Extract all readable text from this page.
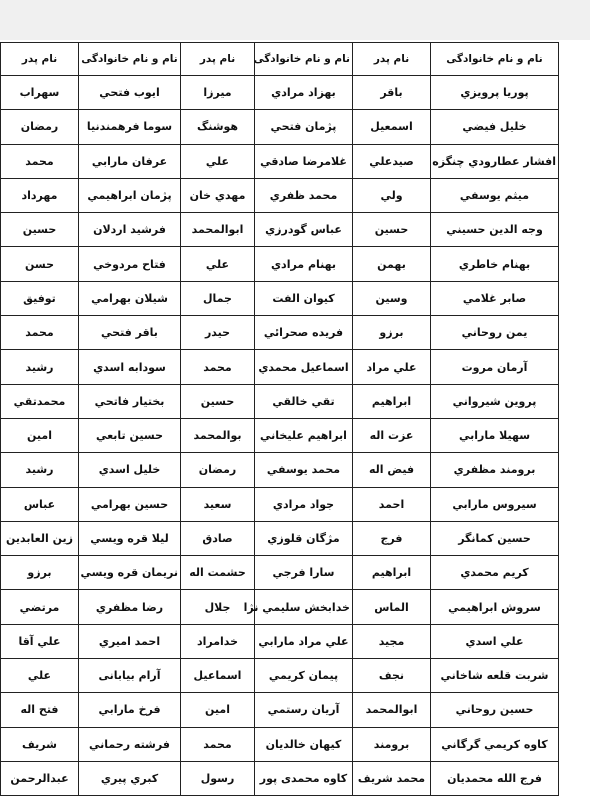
نام و نام خانوادگی	نام پدر	نام و نام خانوادگی	نام پدر	نام و نام خانوادگی	نام پدر
پوریا پرویزي	باقر	بهزاد مرادي	میرزا	ایوب فتحي	سهراب
خلیل فیضي	اسمعیل	پژمان فتحي	هوشنگ	سوما فرهمندنیا	رمضان
افشار عطارودي چنگزه	صیدعلي	غلامرضا صادقي	علي	عرفان مارابي	محمد
میثم یوسفي	ولي	محمد ظفري	مهدي خان	پژمان ابراهیمي	مهرداد
وجه الدین حسیني	حسین	عباس گودرزي	ابوالمحمد	فرشید اردلان	حسین
بهنام خاطري	بهمن	بهنام مرادي	علي	فتاح مردوخي	حسن
صابر غلامي	وسین	کیوان الفت	جمال	شیلان بهرامي	توفیق
یمن روحاني	برزو	فریده صحرائي	حیدر	باقر فتحي	محمد
آرمان مروت	علي مراد	اسماعیل محمدي	محمد	سودابه اسدي	رشید
پروین شیرواني	ابراهیم	تقي خالقي	حسین	بختیار فاتحي	محمدتقي
سهیلا مارابي	عزت اله	ابراهیم علیخاني	بوالمحمد	حسین تابعي	امین
برومند مظفري	فیض اله	محمد یوسفي	رمضان	خلیل اسدي	رشید
سیروس مارابي	احمد	جواد مرادي	سعید	حسین بهرامي	عباس
حسین کمانگر	فرج	مژگان قلوزي	صادق	لیلا قره ویسي	زین العابدین
کریم محمدي	ابراهیم	سارا فرجي	حشمت اله	نریمان قره ویسي	برزو
سروش ابراهیمي	الماس	خدابخش سلیمي نژا	جلال	رضا مظفري	مرتضي
علي اسدي	مجید	علي مراد مارابي	خدامراد	احمد امیري	علي آقا
شربت قلعه شاخاني	نجف	پیمان کریمي	اسماعیل	آرام بیابانی	علي
حسین روحاني	ابوالمحمد	آریان رستمي	امین	فرخ مارابي	فتح اله
کاوه کریمي گرگاني	برومند	کیهان خالدیان	محمد	فرشته رحماني	شریف
فرج الله محمدیان	محمد شریف	کاوه محمدی پور	رسول	کبري پیري	عبدالرحمن
